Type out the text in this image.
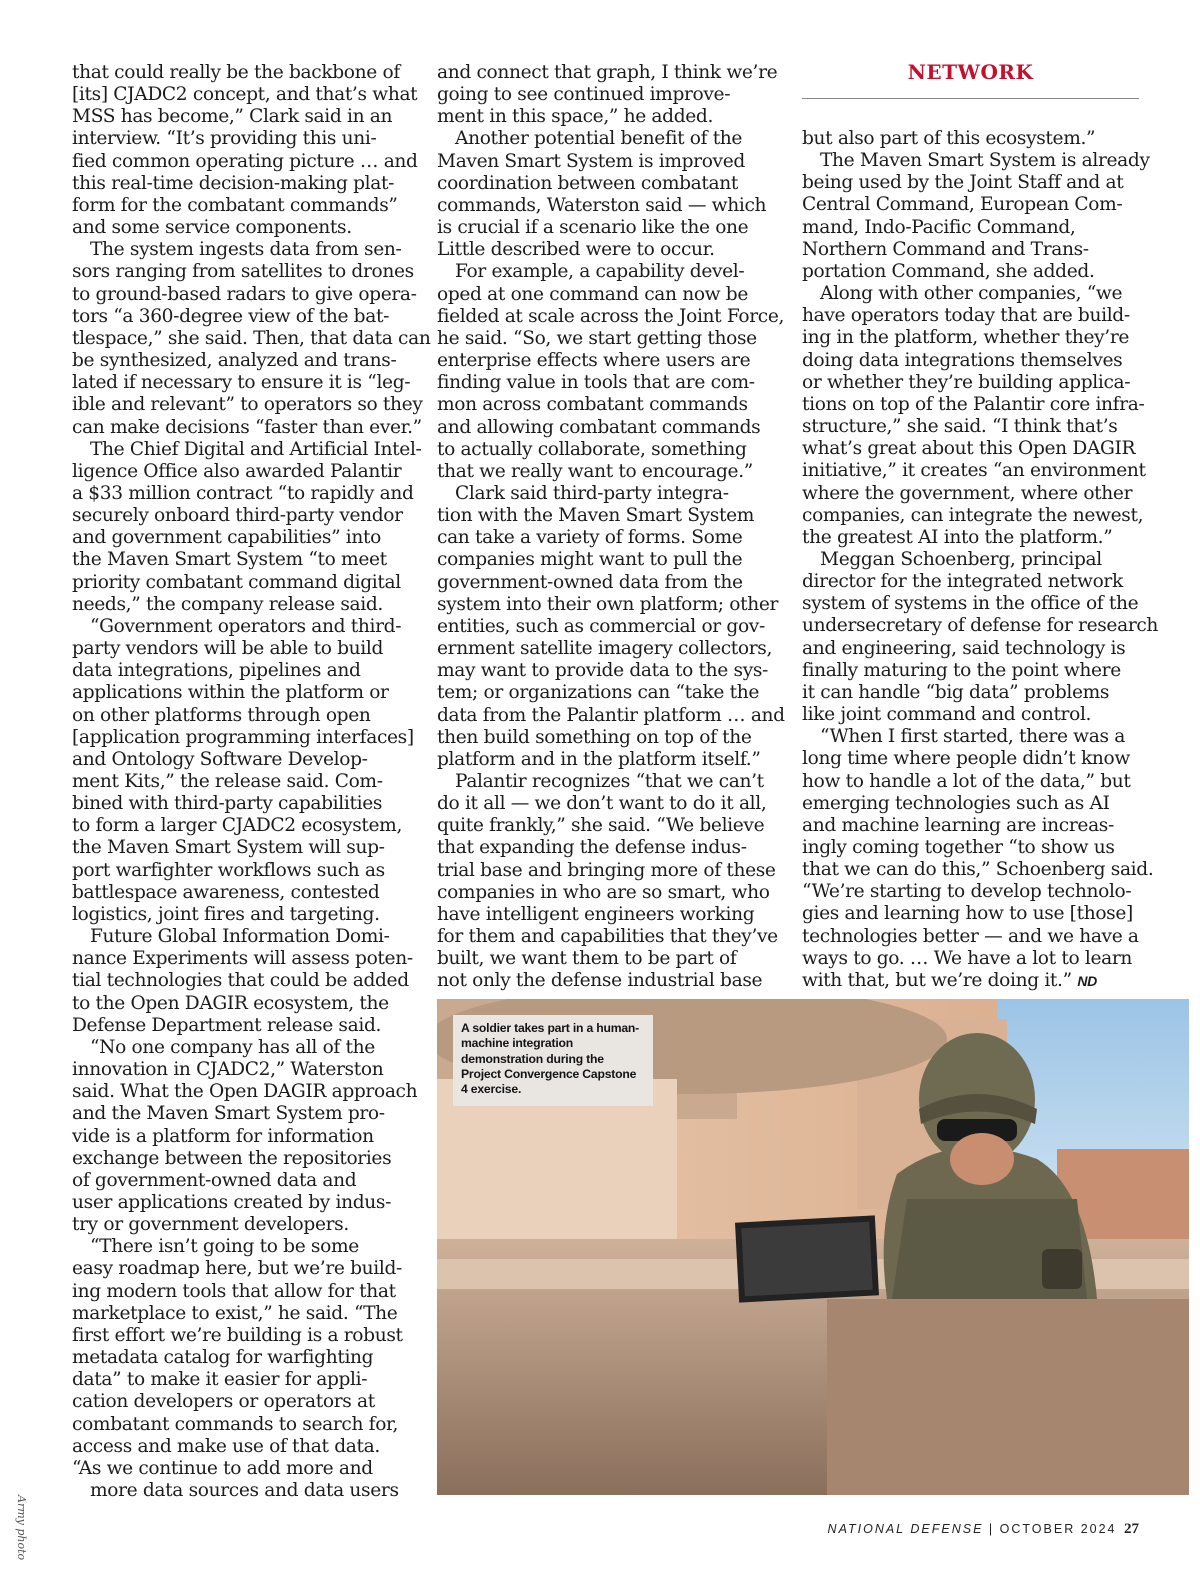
NETWORK
that could really be the backbone of
[its] CJADC2 concept, and that’s what
MSS has become,” Clark said in an
interview. “It’s providing this uni-
fied common operating picture … and
this real-time decision-making plat-
form for the combatant commands”
and some service components.
The system ingests data from sen-
sors ranging from satellites to drones
to ground-based radars to give opera-
tors “a 360-degree view of the bat-
tlespace,” she said. Then, that data can
be synthesized, analyzed and trans-
lated if necessary to ensure it is “leg-
ible and relevant” to operators so they
can make decisions “faster than ever.”
The Chief Digital and Artificial Intel-
ligence Office also awarded Palantir
a $33 million contract “to rapidly and
securely onboard third-party vendor
and government capabilities” into
the Maven Smart System “to meet
priority combatant command digital
needs,” the company release said.
“Government operators and third-
party vendors will be able to build
data integrations, pipelines and
applications within the platform or
on other platforms through open
[application programming interfaces]
and Ontology Software Develop-
ment Kits,” the release said. Com-
bined with third-party capabilities
to form a larger CJADC2 ecosystem,
the Maven Smart System will sup-
port warfighter workflows such as
battlespace awareness, contested
logistics, joint fires and targeting.
Future Global Information Domi-
nance Experiments will assess poten-
tial technologies that could be added
to the Open DAGIR ecosystem, the
Defense Department release said.
“No one company has all of the
innovation in CJADC2,” Waterston
said. What the Open DAGIR approach
and the Maven Smart System pro-
vide is a platform for information
exchange between the repositories
of government-owned data and
user applications created by indus-
try or government developers.
“There isn’t going to be some
easy roadmap here, but we’re build-
ing modern tools that allow for that
marketplace to exist,” he said. “The
first effort we’re building is a robust
metadata catalog for warfighting
data” to make it easier for appli-
cation developers or operators at
combatant commands to search for,
access and make use of that data.
“As we continue to add more and
more data sources and data users
and connect that graph, I think we’re
going to see continued improve-
ment in this space,” he added.
Another potential benefit of the
Maven Smart System is improved
coordination between combatant
commands, Waterston said — which
is crucial if a scenario like the one
Little described were to occur.
For example, a capability devel-
oped at one command can now be
fielded at scale across the Joint Force,
he said. “So, we start getting those
enterprise effects where users are
finding value in tools that are com-
mon across combatant commands
and allowing combatant commands
to actually collaborate, something
that we really want to encourage.”
Clark said third-party integra-
tion with the Maven Smart System
can take a variety of forms. Some
companies might want to pull the
government-owned data from the
system into their own platform; other
entities, such as commercial or gov-
ernment satellite imagery collectors,
may want to provide data to the sys-
tem; or organizations can “take the
data from the Palantir platform … and
then build something on top of the
platform and in the platform itself.”
Palantir recognizes “that we can’t
do it all — we don’t want to do it all,
quite frankly,” she said. “We believe
that expanding the defense indus-
trial base and bringing more of these
companies in who are so smart, who
have intelligent engineers working
for them and capabilities that they’ve
built, we want them to be part of
not only the defense industrial base
but also part of this ecosystem.”
The Maven Smart System is already
being used by the Joint Staff and at
Central Command, European Com-
mand, Indo-Pacific Command,
Northern Command and Trans-
portation Command, she added.
Along with other companies, “we
have operators today that are build-
ing in the platform, whether they’re
doing data integrations themselves
or whether they’re building applica-
tions on top of the Palantir core infra-
structure,” she said. “I think that’s
what’s great about this Open DAGIR
initiative,” it creates “an environment
where the government, where other
companies, can integrate the newest,
the greatest AI into the platform.”
Meggan Schoenberg, principal
director for the integrated network
system of systems in the office of the
undersecretary of defense for research
and engineering, said technology is
finally maturing to the point where
it can handle “big data” problems
like joint command and control.
“When I first started, there was a
long time where people didn’t know
how to handle a lot of the data,” but
emerging technologies such as AI
and machine learning are increas-
ingly coming together “to show us
that we can do this,” Schoenberg said.
“We’re starting to develop technolo-
gies and learning how to use [those]
technologies better — and we have a
ways to go. … We have a lot to learn
with that, but we’re doing it.” ND
A soldier takes part in a human-machine integration demonstration during the Project Convergence Capstone 4 exercise.
Army photo	NATIONAL DEFENSE | OCTOBER 2024 27
